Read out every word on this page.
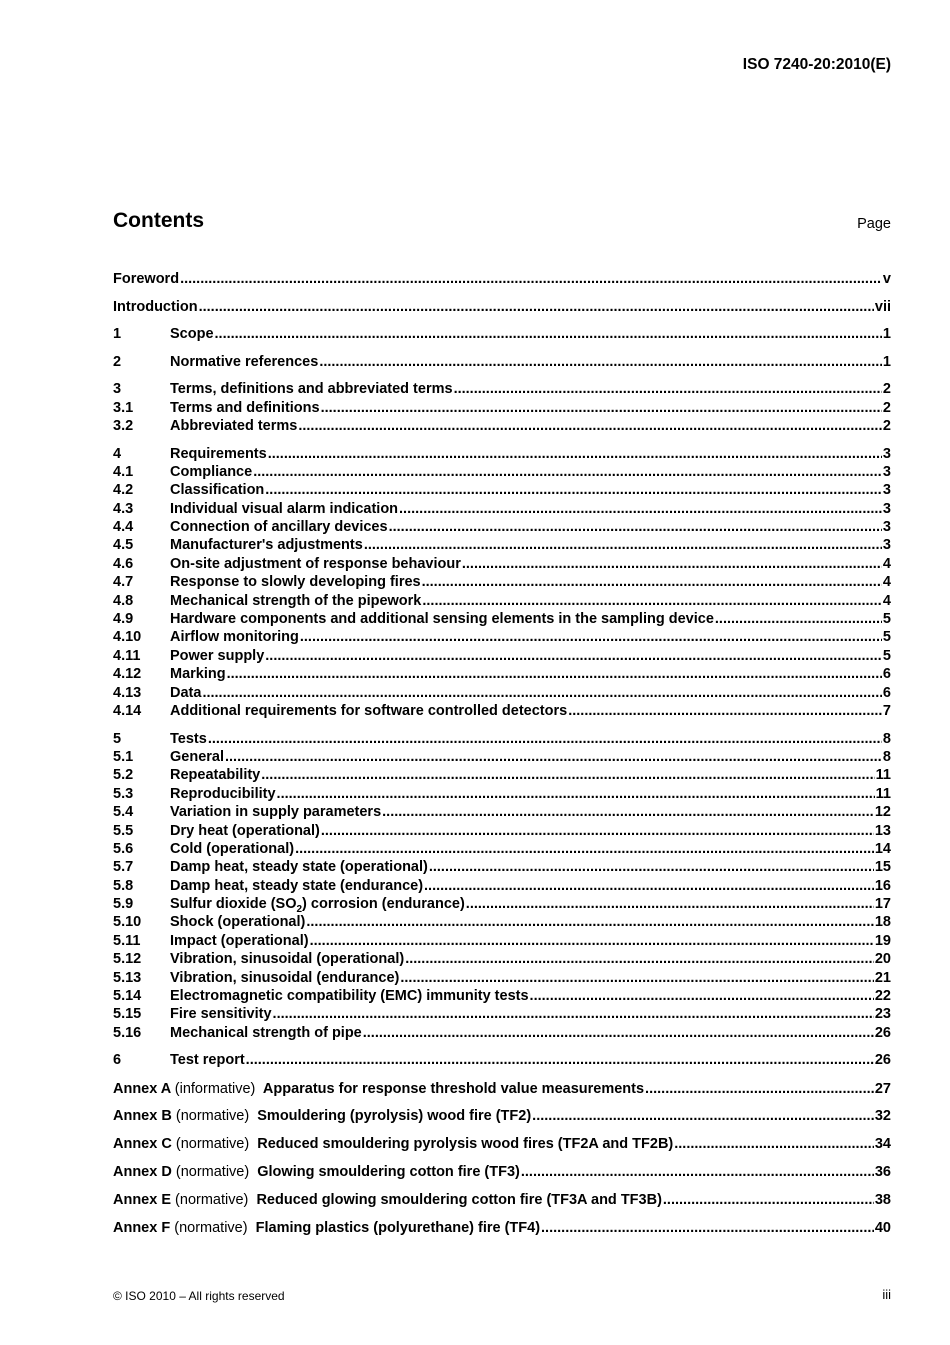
ISO 7240-20:2010(E)
Contents	Page
Foreword .....	v
Introduction .....	vii
1	Scope .....	1
2	Normative references .....	1
3	Terms, definitions and abbreviated terms .....	2
3.1	Terms and definitions .....	2
3.2	Abbreviated terms .....	2
4	Requirements .....	3
4.1	Compliance .....	3
4.2	Classification .....	3
4.3	Individual visual alarm indication .....	3
4.4	Connection of ancillary devices .....	3
4.5	Manufacturer's adjustments .....	3
4.6	On-site adjustment of response behaviour .....	4
4.7	Response to slowly developing fires .....	4
4.8	Mechanical strength of the pipework .....	4
4.9	Hardware components and additional sensing elements in the sampling device .....	5
4.10 Airflow monitoring .....	5
4.11 Power supply .....	5
4.12 Marking .....	6
4.13 Data .....	6
4.14 Additional requirements for software controlled detectors .....	7
5	Tests .....	8
5.1	General .....	8
5.2	Repeatability .....	11
5.3	Reproducibility .....	11
5.4	Variation in supply parameters .....	12
5.5	Dry heat (operational) .....	13
5.6	Cold (operational) .....	14
5.7	Damp heat, steady state (operational) .....	15
5.8	Damp heat, steady state (endurance) .....	16
5.9	Sulfur dioxide $(SO_2)$ corrosion (endurance) .....	17
5.10 Shock (operational) .....	18
5.11 Impact (operational) .....	19
5.12 Vibration, sinusoidal (operational) .....	20
5.13 Vibration, sinusoidal (endurance) .....	21
5.14 Electromagnetic compatibility (EMC) immunity tests .....	22
5.15 Fire sensitivity .....	23
5.16 Mechanical strength of pipe .....	26
6	Test report .....	26
Annex A (informative) Apparatus for response threshold value measurements .....	27
Annex B (normative) Smouldering (pyrolysis) wood fire (TF2) .....	32
Annex C (normative) Reduced smouldering pyrolysis wood fires (TF2A and TF2B) .....	34
Annex D (normative) Glowing smouldering cotton fire (TF3) .....	36
Annex E (normative) Reduced glowing smouldering cotton fire (TF3A and TF3B) .....	38
Annex F (normative) Flaming plastics (polyurethane) fire (TF4) .....	40
© ISO 2010 – All rights reserved	iii
